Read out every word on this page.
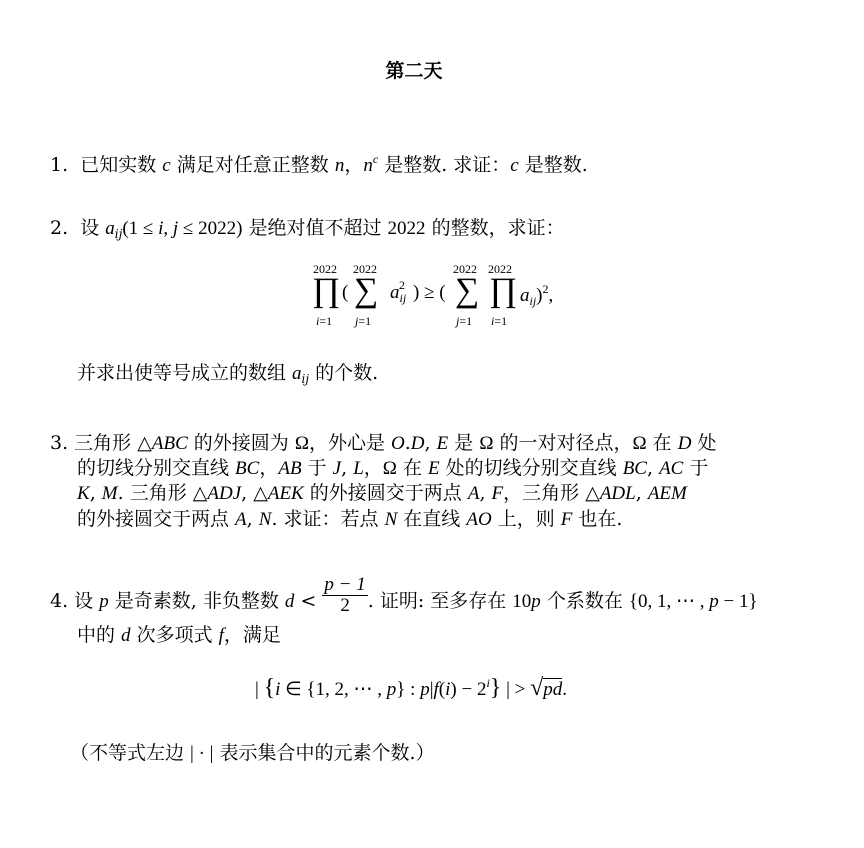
第二天
1.  已知实数 c 满足对任意正整数 n，$n^c$ 是整数. 求证：c 是整数.
2.  设 $a_{ij}(1 \le i$, j ≤ 2022) 是绝对值不超过 2022 的整数，求证：
2022
∏
i=1
(
2022
∑
j=1
$a_{ij}$
2 ) ≥ (
2022
∑
j=1
2022
∏
i=1
$a_{ij})^2$,
并求出使等号成立的数组 $a_{ij}$ 的个数.
3. 三角形 △ABC 的外接圆为 Ω，外心是 O.D, E 是 Ω 的一对对径点，Ω 在 D 处
的切线分别交直线 BC，AB 于 J, L，Ω 在 E 处的切线分别交直线 BC, AC 于
K, M. 三角形 △ADJ, △AEK 的外接圆交于两点 A, F，三角形 △ADL, AEM
的外接圆交于两点 A, N. 求证：若点 N 在直线 AO 上，则 F 也在.
4. 设 p 是奇素数, 非负整数 $d < \frac{p - 1}{2}$ . 证明: 至多存在 10p 个系数在 {0, 1, ⋯ , p − 1}
中的 d 次多项式 f，满足
| {i ∈ {1, 2, ⋯ , p} : $p|f(i) - 2^i$} | > √pd.
（不等式左边 | · | 表示集合中的元素个数.）
